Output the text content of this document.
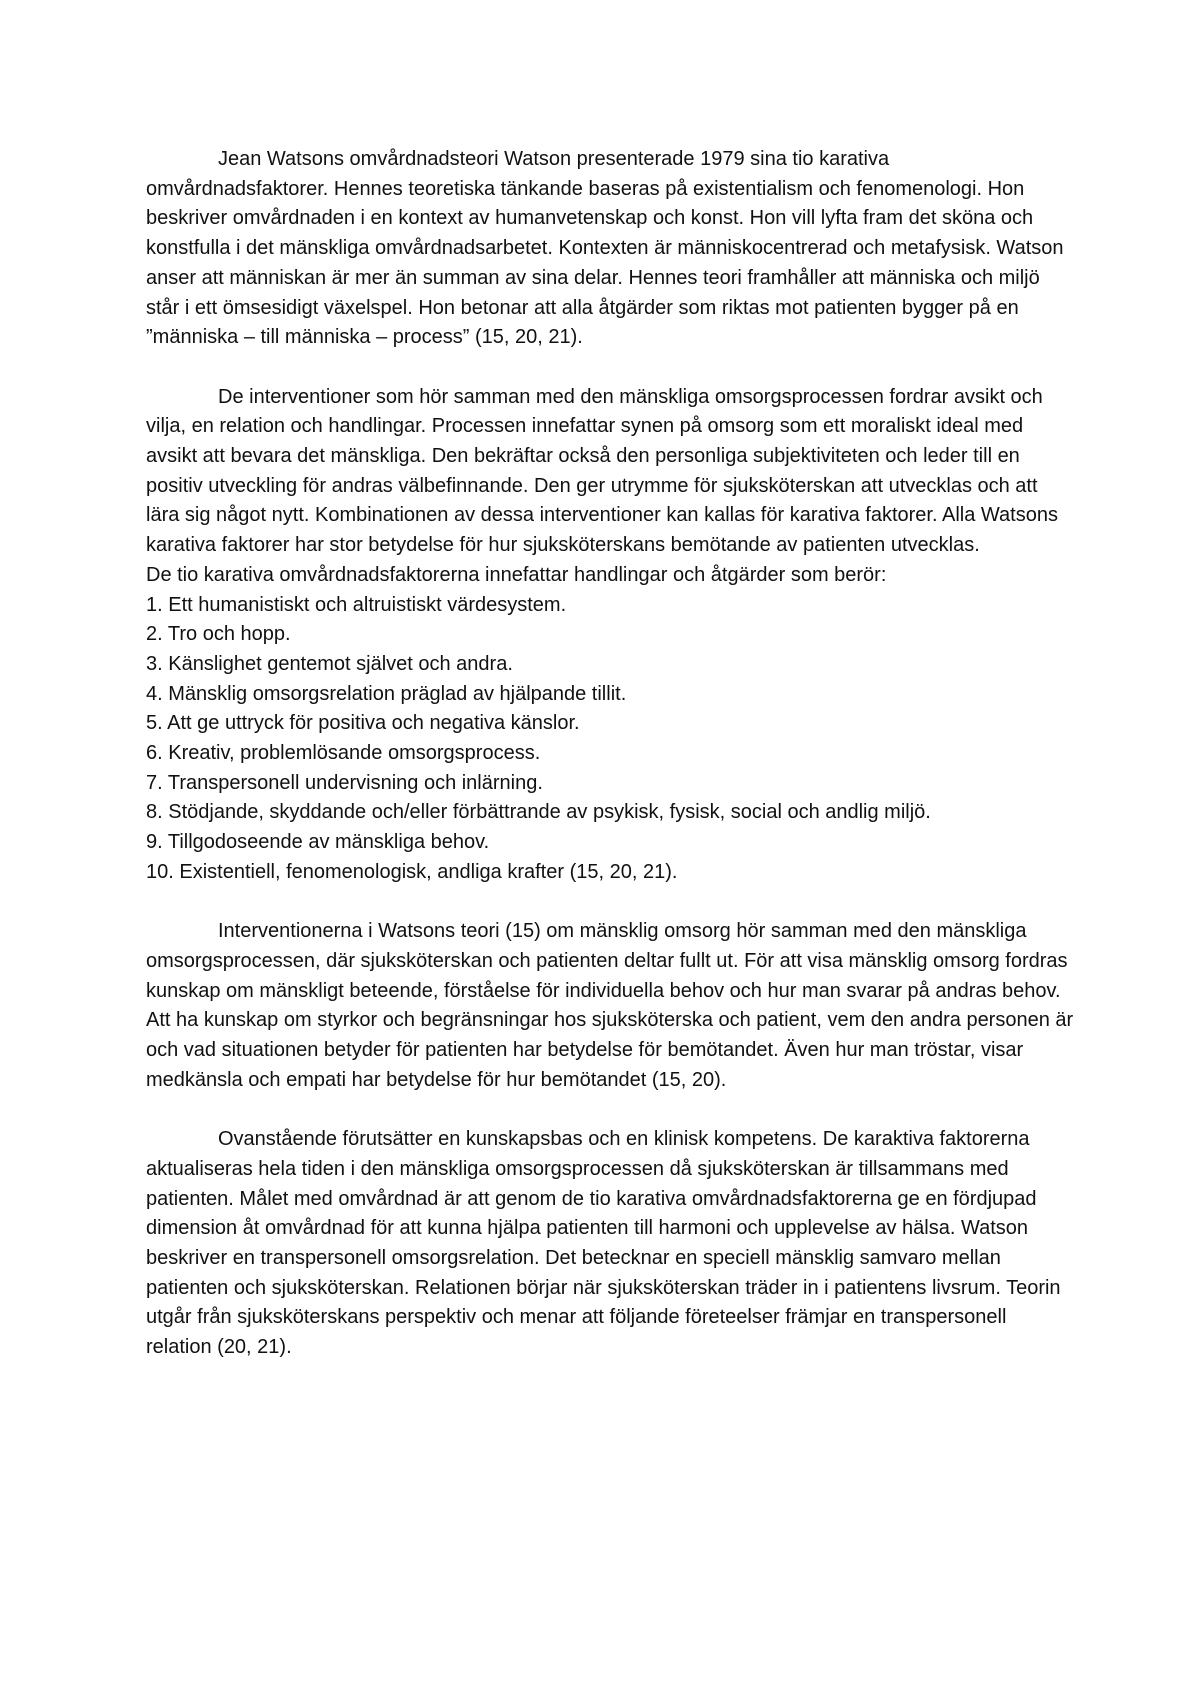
Jean Watsons omvårdnadsteori Watson presenterade 1979 sina tio karativa omvårdnadsfaktorer. Hennes teoretiska tänkande baseras på existentialism och fenomenologi. Hon beskriver omvårdnaden i en kontext av humanvetenskap och konst. Hon vill lyfta fram det sköna och konstfulla i det mänskliga omvårdnadsarbetet. Kontexten är människocentrerad och metafysisk. Watson anser att människan är mer än summan av sina delar. Hennes teori framhåller att människa och miljö står i ett ömsesidigt växelspel. Hon betonar att alla åtgärder som riktas mot patienten bygger på en ”människa – till människa – process” (15, 20, 21).

De interventioner som hör samman med den mänskliga omsorgsprocessen fordrar avsikt och vilja, en relation och handlingar. Processen innefattar synen på omsorg som ett moraliskt ideal med avsikt att bevara det mänskliga. Den bekräftar också den personliga subjektiviteten och leder till en positiv utveckling för andras välbefinnande. Den ger utrymme för sjuksköterskan att utvecklas och att lära sig något nytt. Kombinationen av dessa interventioner kan kallas för karativa faktorer. Alla Watsons karativa faktorer har stor betydelse för hur sjuksköterskans bemötande av patienten utvecklas.

De tio karativa omvårdnadsfaktorerna innefattar handlingar och åtgärder som berör:

1. Ett humanistiskt och altruistiskt värdesystem.
2. Tro och hopp.
3. Känslighet gentemot självet och andra.
4. Mänsklig omsorgsrelation präglad av hjälpande tillit.
5. Att ge uttryck för positiva och negativa känslor.
6. Kreativ, problemlösande omsorgsprocess.
7. Transpersonell undervisning och inlärning.
8. Stödjande, skyddande och/eller förbättrande av psykisk, fysisk, social och andlig miljö.
9. Tillgodoseende av mänskliga behov.
10. Existentiell, fenomenologisk, andliga krafter (15, 20, 21).

Interventionerna i Watsons teori (15) om mänsklig omsorg hör samman med den mänskliga omsorgsprocessen, där sjuksköterskan och patienten deltar fullt ut. För att visa mänsklig omsorg fordras kunskap om mänskligt beteende, förståelse för individuella behov och hur man svarar på andras behov. Att ha kunskap om styrkor och begränsningar hos sjuksköterska och patient, vem den andra personen är och vad situationen betyder för patienten har betydelse för bemötandet. Även hur man tröstar, visar medkänsla och empati har betydelse för hur bemötandet (15, 20).

Ovanstående förutsätter en kunskapsbas och en klinisk kompetens. De karaktiva faktorerna aktualiseras hela tiden i den mänskliga omsorgsprocessen då sjuksköterskan är tillsammans med patienten. Målet med omvårdnad är att genom de tio karativa omvårdnadsfaktorerna ge en fördjupad dimension åt omvårdnad för att kunna hjälpa patienten till harmoni och upplevelse av hälsa. Watson beskriver en transpersonell omsorgsrelation. Det betecknar en speciell mänsklig samvaro mellan patienten och sjuksköterskan. Relationen börjar när sjuksköterskan träder in i patientens livsrum. Teorin utgår från sjuksköterskans perspektiv och menar att följande företeelser främjar en transpersonell relation (20, 21).
